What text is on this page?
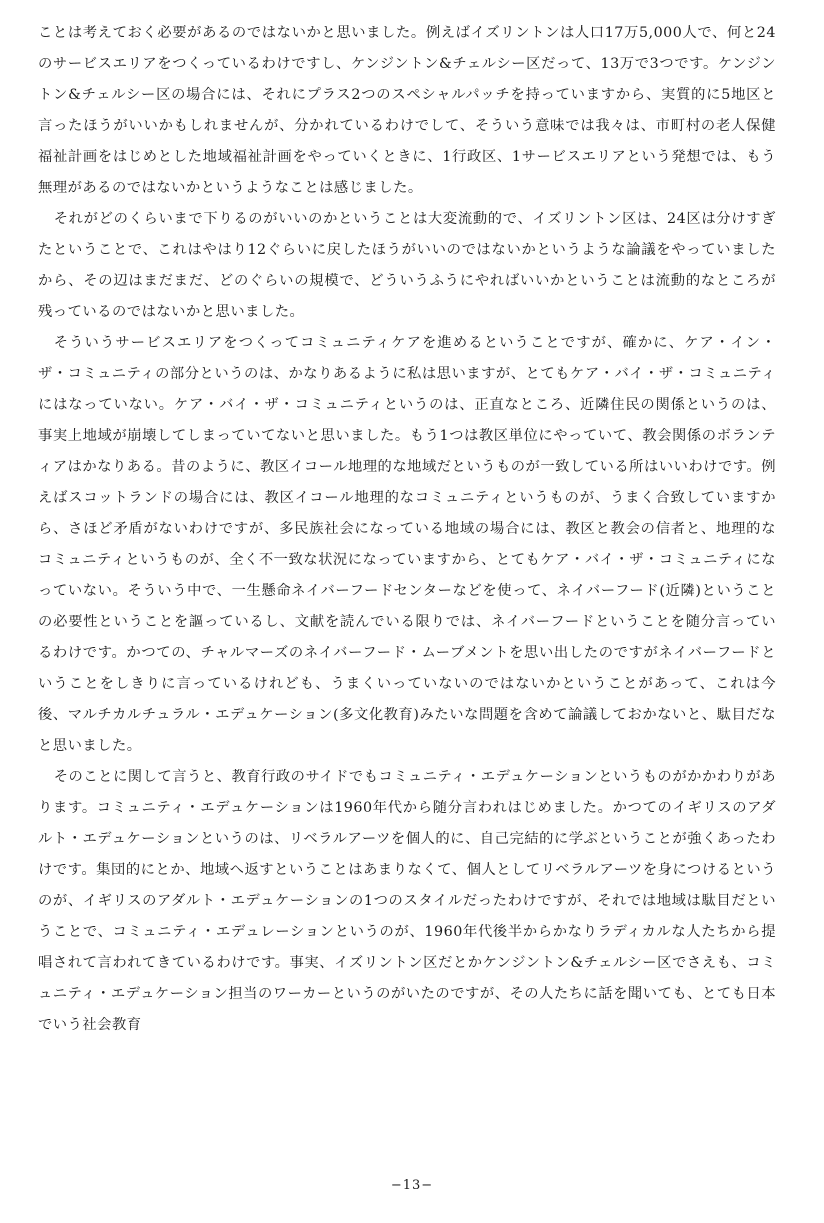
ことは考えておく必要があるのではないかと思いました。例えばイズリントンは人口17万5,000人で、何と24のサービスエリアをつくっているわけですし、ケンジントン&チェルシー区だって、13万で3つです。ケンジントン&チェルシー区の場合には、それにプラス2つのスペシャルパッチを持っていますから、実質的に5地区と言ったほうがいいかもしれませんが、分かれているわけでして、そういう意味では我々は、市町村の老人保健福祉計画をはじめとした地域福祉計画をやっていくときに、1行政区、1サービスエリアという発想では、もう無理があるのではないかというようなことは感じました。

それがどのくらいまで下りるのがいいのかということは大変流動的で、イズリントン区は、24区は分けすぎたということで、これはやはり12ぐらいに戻したほうがいいのではないかというような論議をやっていましたから、その辺はまだまだ、どのぐらいの規模で、どういうふうにやればいいかということは流動的なところが残っているのではないかと思いました。

そういうサービスエリアをつくってコミュニティケアを進めるということですが、確かに、ケア・イン・ザ・コミュニティの部分というのは、かなりあるように私は思いますが、とてもケア・バイ・ザ・コミュニティにはなっていない。ケア・バイ・ザ・コミュニティというのは、正直なところ、近隣住民の関係というのは、事実上地域が崩壊してしまっていてないと思いました。もう1つは教区単位にやっていて、教会関係のボランティアはかなりある。昔のように、教区イコール地理的な地域だというものが一致している所はいいわけです。例えばスコットランドの場合には、教区イコール地理的なコミュニティというものが、うまく合致していますから、さほど矛盾がないわけですが、多民族社会になっている地域の場合には、教区と教会の信者と、地理的なコミュニティというものが、全く不一致な状況になっていますから、とてもケア・バイ・ザ・コミュニティになっていない。そういう中で、一生懸命ネイバーフードセンターなどを使って、ネイバーフード(近隣)ということの必要性ということを謳っているし、文献を読んでいる限りでは、ネイバーフードということを随分言っているわけです。かつての、チャルマーズのネイバーフード・ムーブメントを思い出したのですがネイバーフードということをしきりに言っているけれども、うまくいっていないのではないかということがあって、これは今後、マルチカルチュラル・エデュケーション(多文化教育)みたいな問題を含めて論議しておかないと、駄目だなと思いました。

そのことに関して言うと、教育行政のサイドでもコミュニティ・エデュケーションというものがかかわりがあります。コミュニティ・エデュケーションは1960年代から随分言われはじめました。かつてのイギリスのアダルト・エデュケーションというのは、リベラルアーツを個人的に、自己完結的に学ぶということが強くあったわけです。集団的にとか、地域へ返すということはあまりなくて、個人としてリベラルアーツを身につけるというのが、イギリスのアダルト・エデュケーションの1つのスタイルだったわけですが、それでは地域は駄目だということで、コミュニティ・エデュレーションというのが、1960年代後半からかなりラディカルな人たちから提唱されて言われてきているわけです。事実、イズリントン区だとかケンジントン&チェルシー区でさえも、コミュニティ・エデュケーション担当のワーカーというのがいたのですが、その人たちに話を聞いても、とても日本でいう社会教育

−13−
